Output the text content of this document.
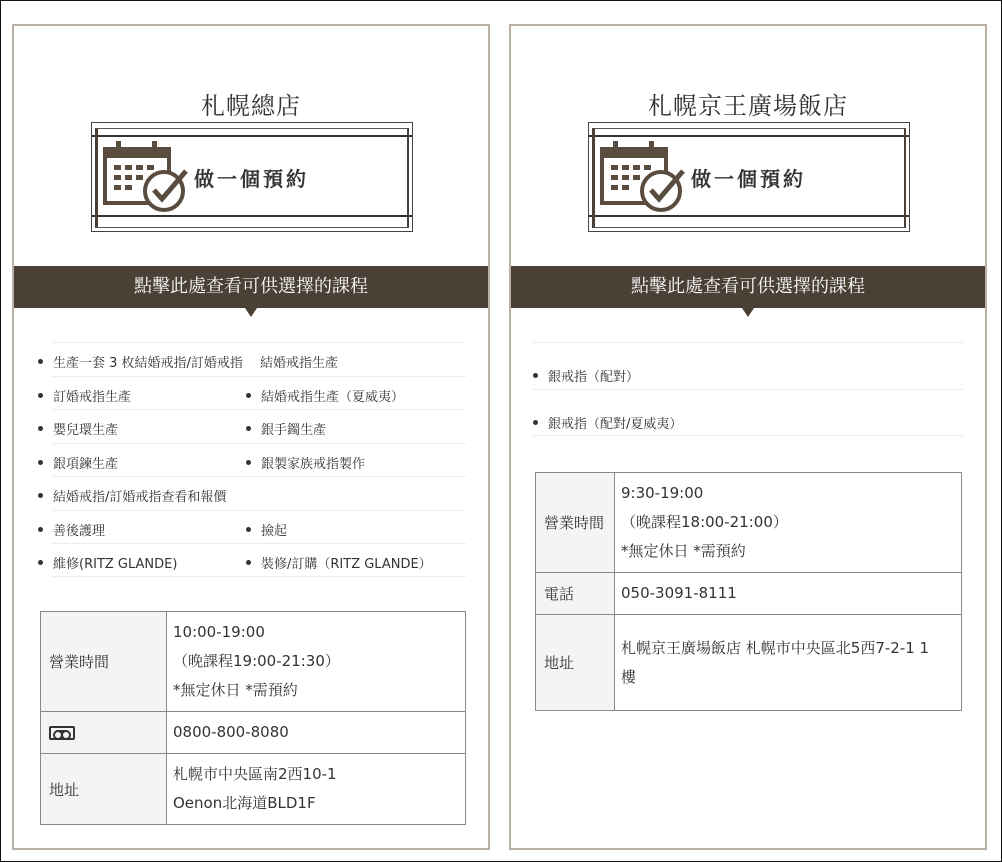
札幌總店
做一個預約
點擊此處查看可供選擇的課程
生產一套 3 枚結婚戒指/訂婚戒指 結婚戒指生產
訂婚戒指生產	結婚戒指生產（夏威夷）
嬰兒環生產	銀手鐲生產
銀項鍊生產	銀製家族戒指製作
結婚戒指/訂婚戒指查看和報價
善後護理	撿起
維修(RITZ GLANDE)	裝修/訂購（RITZ GLANDE）
營業時間	10:00-19:00
（晚課程19:00-21:30）
*無定休日 *需預約

	0800-800-8080
地址	札幌市中央區南2西10-1
Oenon北海道BLD1F
札幌京王廣場飯店
做一個預約
點擊此處查看可供選擇的課程
銀戒指（配對）
銀戒指（配對/夏威夷）
營業時間	9:30-19:00
（晚課程18:00-21:00）
*無定休日 *需預約

電話	050-3091-8111
地址	札幌京王廣場飯店 札幌市中央區北5西7-2-1 1
樓
